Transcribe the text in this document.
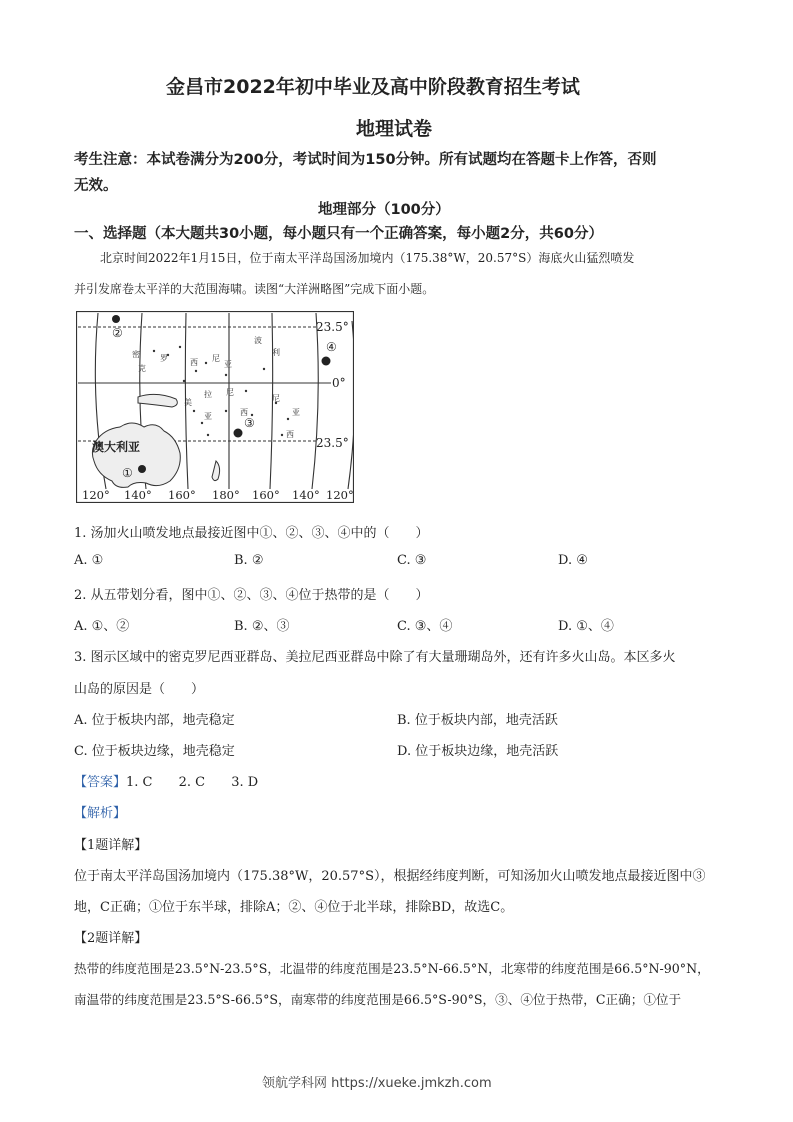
金昌市2022年初中毕业及高中阶段教育招生考试
地理试卷
考生注意：本试卷满分为200分，考试时间为150分钟。所有试题均在答题卡上作答，否则
无效。
地理部分（100分）
一、选择题（本大题共30小题，每小题只有一个正确答案，每小题2分，共60分）
北京时间2022年1月15日，位于南太平洋岛国汤加境内（175.38°W，20.57°S）海底火山猛烈喷发
并引发席卷太平洋的大范围海啸。读图“大洋洲略图”完成下面小题。
密	罗
克
尼
西	亚
美
拉 尼
西
亚
波
利
尼
西
亚
澳大利亚
23.5°
0°
23.5°
120° 140° 160° 180° 160° 140° 120°
②
④
③
①
1. 汤加火山喷发地点最接近图中①、②、③、④中的（　　）
A. ①	B. ②	C. ③	D. ④
2. 从五带划分看，图中①、②、③、④位于热带的是（　　）
A. ①、②	B. ②、③	C. ③、④	D. ①、④
3. 图示区域中的密克罗尼西亚群岛、美拉尼西亚群岛中除了有大量珊瑚岛外，还有许多火山岛。本区多火
山岛的原因是（　　）
A. 位于板块内部，地壳稳定	B. 位于板块内部，地壳活跃
C. 位于板块边缘，地壳稳定	D. 位于板块边缘，地壳活跃
【答案】1. C 2. C 3. D
【解析】
【1题详解】
位于南太平洋岛国汤加境内（175.38°W，20.57°S），根据经纬度判断，可知汤加火山喷发地点最接近图中③
地，C正确；①位于东半球，排除A；②、④位于北半球，排除BD，故选C。
【2题详解】
热带的纬度范围是23.5°N-23.5°S，北温带的纬度范围是23.5°N-66.5°N，北寒带的纬度范围是66.5°N-90°N，
南温带的纬度范围是23.5°S-66.5°S，南寒带的纬度范围是66.5°S-90°S，③、④位于热带，C正确；①位于
领航学科网 https://xueke.jmkzh.com
